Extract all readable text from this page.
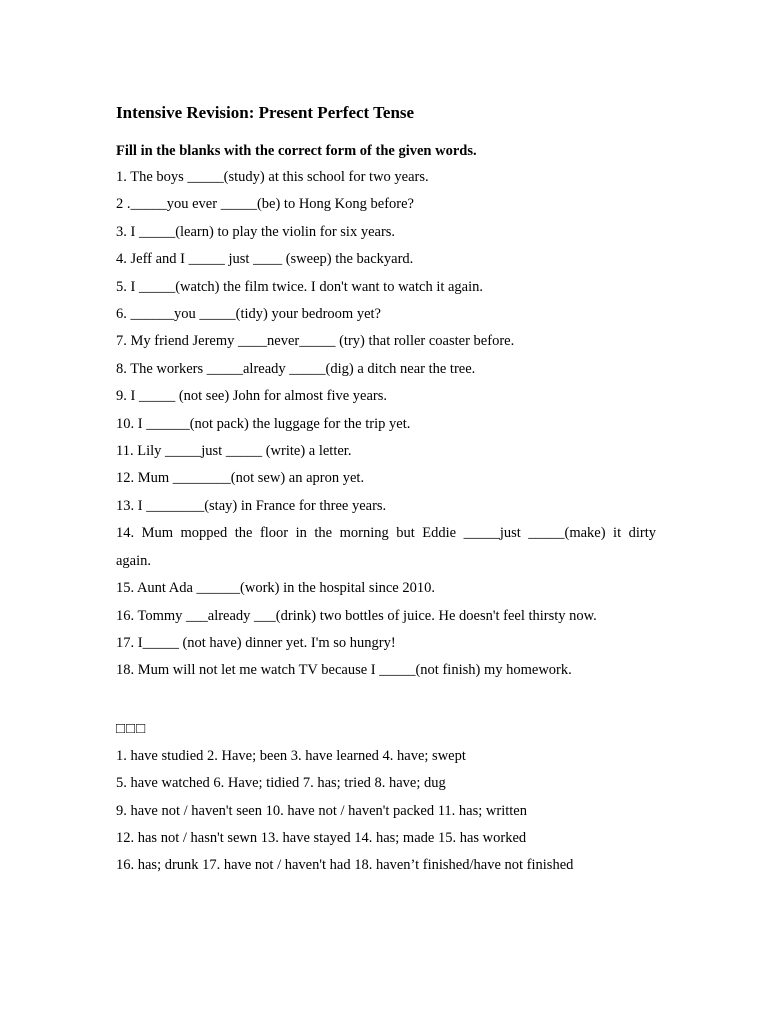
Intensive Revision: Present Perfect Tense
Fill in the blanks with the correct form of the given words.
1. The boys _____(study) at this school for two years.
2 ._____you ever _____(be) to Hong Kong before?
3. I _____(learn) to play the violin for six years.
4. Jeff and I _____ just ____ (sweep) the backyard.
5. I _____(watch) the film twice. I don't want to watch it again.
6. ______you _____(tidy) your bedroom yet?
7. My friend Jeremy ____never_____ (try) that roller coaster before.
8. The workers _____already _____(dig) a ditch near the tree.
9. I _____ (not see) John for almost five years.
10. I ______(not pack) the luggage for the trip yet.
11. Lily _____just _____ (write) a letter.
12. Mum ________(not sew) an apron yet.
13. I ________(stay) in France for three years.
14. Mum mopped the floor in the morning but Eddie _____just _____(make) it dirty
again.
15. Aunt Ada ______(work) in the hospital since 2010.
16. Tommy ___already ___(drink) two bottles of juice. He doesn't feel thirsty now.
17. I_____ (not have) dinner yet. I'm so hungry!
18. Mum will not let me watch TV because I _____(not finish) my homework.
□□□
1. have studied 2. Have; been 3. have learned 4. have; swept
5. have watched 6. Have; tidied 7. has; tried 8. have; dug
9. have not / haven't seen 10. have not / haven't packed 11. has; written
12. has not / hasn't sewn 13. have stayed 14. has; made 15. has worked
16. has; drunk 17. have not / haven't had 18. haven’t finished/have not finished
